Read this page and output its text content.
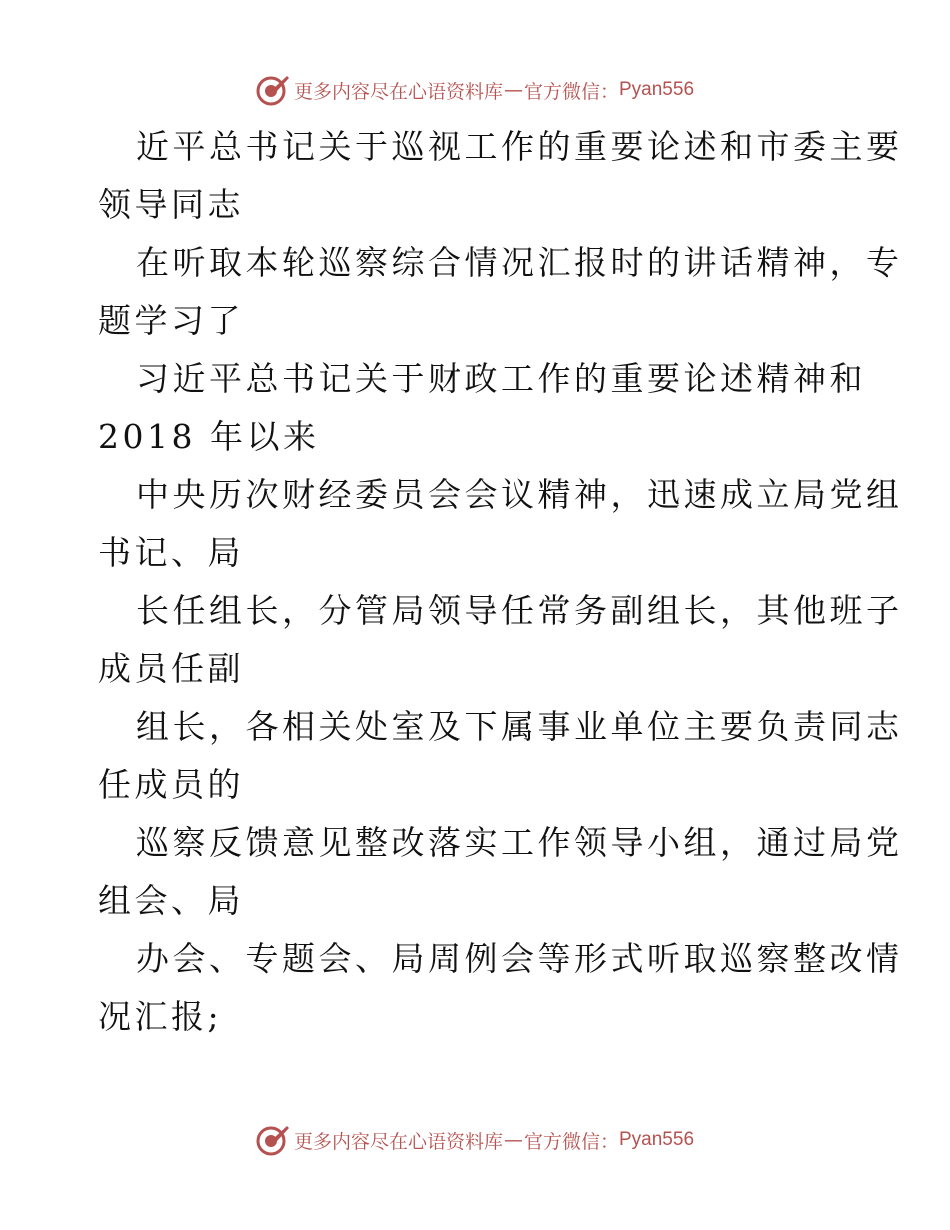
更多内容尽在心语资料库 — 官方微信： Pyan556

近平总书记关于巡视工作的重要论述和市委主要
领导同志

在听取本轮巡察综合情况汇报时的讲话精神，专
题学习了

习近平总书记关于财政工作的重要论述精神和
2018 年以来

中央历次财经委员会会议精神，迅速成立局党组
书记、局

长任组长，分管局领导任常务副组长，其他班子
成员任副

组长，各相关处室及下属事业单位主要负责同志
任成员的

巡察反馈意见整改落实工作领导小组，通过局党
组会、局

办会、专题会、局周例会等形式听取巡察整改情
况汇报;

更多内容尽在心语资料库 — 官方微信： Pyan556
